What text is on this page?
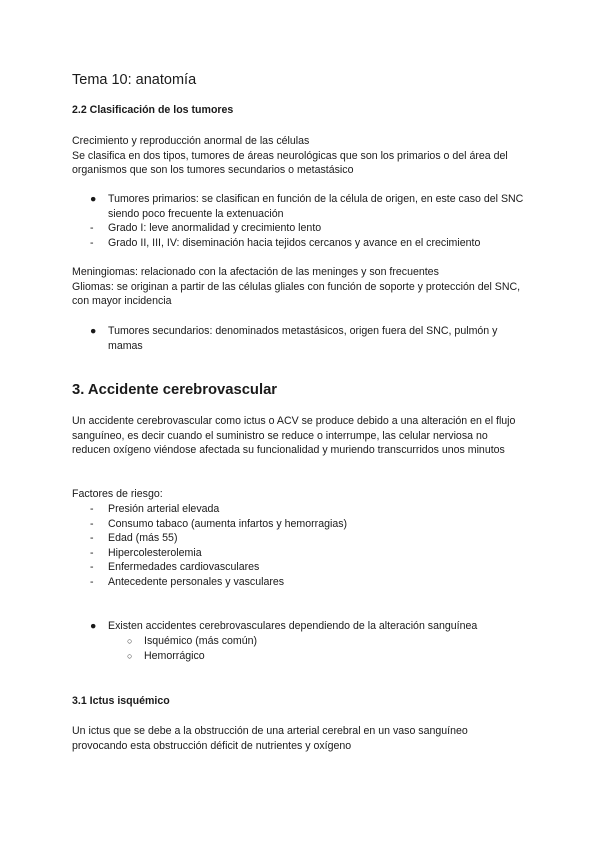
Tema 10: anatomía
2.2 Clasificación de los tumores

Crecimiento y reproducción anormal de las células

Se clasifica en dos tipos, tumores de áreas neurológicas que son los primarios o del área del organismos que son los tumores secundarios o metastásico

● Tumores primarios: se clasifican en función de la célula de origen, en este caso del SNC siendo poco frecuente la extenuación
- Grado I: leve anormalidad y crecimiento lento
- Grado II, III, IV: diseminación hacia tejidos cercanos y avance en el crecimiento

Meningiomas: relacionado con la afectación de las meninges y son frecuentes

Gliomas: se originan a partir de las células gliales con función de soporte y protección del SNC, con mayor incidencia

● Tumores secundarios: denominados metastásicos, origen fuera del SNC, pulmón y mamas
3. Accidente cerebrovascular

Un accidente cerebrovascular como ictus o ACV se produce debido a una alteración en el flujo sanguíneo, es decir cuando el suministro se reduce o interrumpe, las celular nerviosa no reducen oxígeno viéndose afectada su funcionalidad y muriendo transcurridos unos minutos

Factores de riesgo:

- Presión arterial elevada
- Consumo tabaco (aumenta infartos y hemorragias)
- Edad (más 55)
- Hipercolesterolemia
- Enfermedades cardiovasculares
- Antecedente personales y vasculares
● Existen accidentes cerebrovasculares dependiendo de la alteración sanguínea
○ Isquémico (más común)
○ Hemorrágico
3.1 Ictus isquémico

Un ictus que se debe a la obstrucción de una arterial cerebral en un vaso sanguíneo provocando esta obstrucción déficit de nutrientes y oxígeno
